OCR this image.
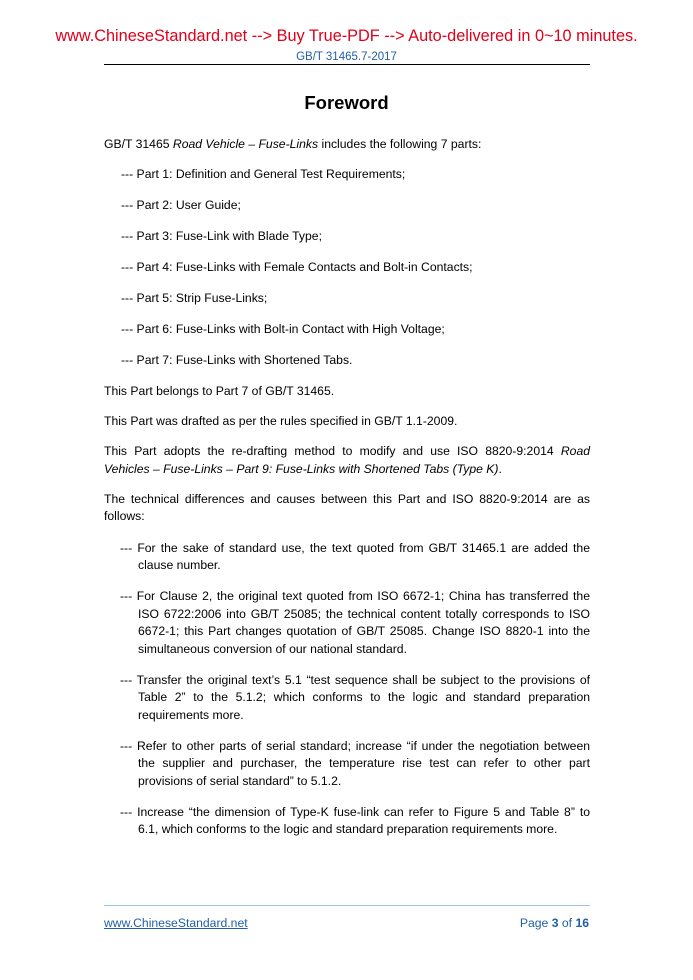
www.ChineseStandard.net --> Buy True-PDF --> Auto-delivered in 0~10 minutes.
GB/T 31465.7-2017
Foreword

GB/T 31465 Road Vehicle – Fuse-Links includes the following 7 parts:

--- Part 1: Definition and General Test Requirements;
--- Part 2: User Guide;
--- Part 3: Fuse-Link with Blade Type;
--- Part 4: Fuse-Links with Female Contacts and Bolt-in Contacts;
--- Part 5: Strip Fuse-Links;
--- Part 6: Fuse-Links with Bolt-in Contact with High Voltage;
--- Part 7: Fuse-Links with Shortened Tabs.

This Part belongs to Part 7 of GB/T 31465.

This Part was drafted as per the rules specified in GB/T 1.1-2009.

This Part adopts the re-drafting method to modify and use ISO 8820-9:2014 Road Vehicles – Fuse-Links – Part 9: Fuse-Links with Shortened Tabs (Type K).

The technical differences and causes between this Part and ISO 8820-9:2014 are as follows:

--- For the sake of standard use, the text quoted from GB/T 31465.1 are added the clause number.
--- For Clause 2, the original text quoted from ISO 6672-1; China has transferred the ISO 6722:2006 into GB/T 25085; the technical content totally corresponds to ISO 6672-1; this Part changes quotation of GB/T 25085. Change ISO 8820-1 into the simultaneous conversion of our national standard.
--- Transfer the original text’s 5.1 “test sequence shall be subject to the provisions of Table 2” to the 5.1.2; which conforms to the logic and standard preparation requirements more.
--- Refer to other parts of serial standard; increase “if under the negotiation between the supplier and purchaser, the temperature rise test can refer to other part provisions of serial standard” to 5.1.2.
--- Increase “the dimension of Type-K fuse-link can refer to Figure 5 and Table 8” to 6.1, which conforms to the logic and standard preparation requirements more.
www.ChineseStandard.net	Page 3 of 16
